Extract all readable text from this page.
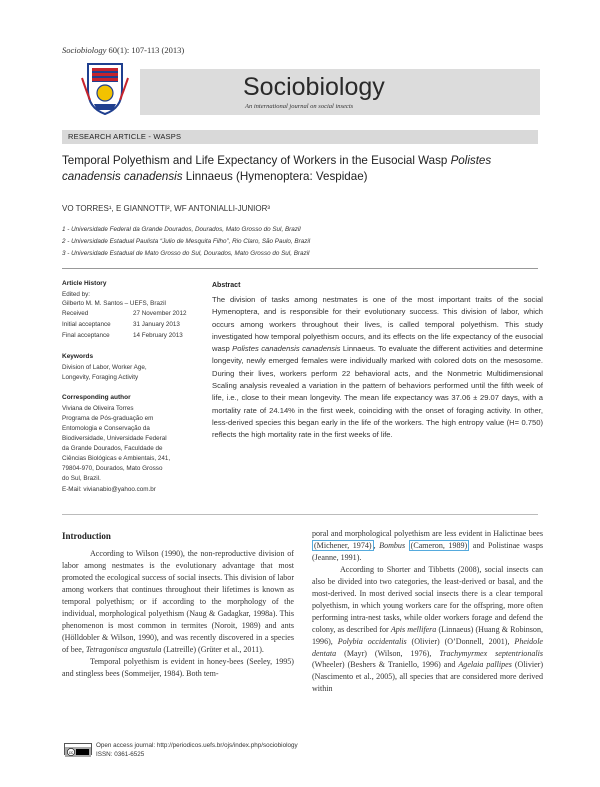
Sociobiology 60(1): 107-113 (2013)
Sociobiology
An international journal on social insects
RESEARCH ARTICLE - WASPS
Temporal Polyethism and Life Expectancy of Workers in the Eusocial Wasp Polistes canadensis canadensis Linnaeus (Hymenoptera: Vespidae)
VO TORRES¹, E GIANNOTTI², WF ANTONIALLI-JUNIOR³
1 - Universidade Federal da Grande Dourados, Dourados, Mato Grosso do Sul, Brazil
2 - Universidade Estadual Paulista “Julio de Mesquita Filho”, Rio Claro, São Paulo, Brazil
3 - Universidade Estadual de Mato Grosso do Sul, Dourados, Mato Grosso do Sul, Brazil
Article History
Edited by:
Gilberto M. M. Santos – UEFS, Brazil
Received	27 November 2012
Initial acceptance	31 January 2013
Final acceptance	14 February 2013
Keywords
Division of Labor, Worker Age,
Longevity, Foraging Activity
Corresponding author
Viviana de Oliveira Torres
Programa de Pós-graduação em
Entomologia e Conservação da
Biodiversidade, Universidade Federal
da Grande Dourados, Faculdade de
Ciências Biológicas e Ambientais, 241,
79804-970, Dourados, Mato Grosso
do Sul, Brazil.
E-Mail: vivianabio@yahoo.com.br
Abstract
The division of tasks among nestmates is one of the most important traits of the social Hymenoptera, and is responsible for their evolutionary success. This division of labor, which occurs among workers throughout their lives, is called temporal polyethism. This study investigated how temporal polyethism occurs, and its effects on the life expectancy of the eusocial wasp Polistes canadensis canadensis Linnaeus. To evaluate the different activities and determine longevity, newly emerged females were individually marked with colored dots on the mesosome. During their lives, workers perform 22 behavioral acts, and the Nonmetric Multidimensional Scaling analysis revealed a variation in the pattern of behaviors performed until the fifth week of life, i.e., close to their mean longevity. The mean life expectancy was 37.06 ± 29.07 days, with a mortality rate of 24.14% in the first week, coinciding with the onset of foraging activity. In other, less-derived species this began early in the life of the workers. The high entropy value (H= 0.750) reflects the high mortality rate in the first weeks of life.
Introduction
According to Wilson (1990), the non-reproductive division of labor among nestmates is the evolutionary advantage that most promoted the ecological success of social insects. This division of labor among workers that continues throughout their lifetimes is known as temporal polyethism; or if according to the morphology of the individual, morphological polyethism (Naug & Gadagkar, 1998a). This phenomenon is most common in termites (Noroit, 1989) and ants (Hölldobler & Wilson, 1990), and was recently discovered in a species of bee, Tetragonisca angustula (Latreille) (Grüter et al., 2011).
Temporal polyethism is evident in honey-bees (Seeley, 1995) and stingless bees (Sommeijer, 1984). Both tem-
poral and morphological polyethism are less evident in Halictinae bees (Michener, 1974) , Bombus (Cameron, 1989) and Polistinae wasps (Jeanne, 1991).
According to Shorter and Tibbetts (2008), social insects can also be divided into two categories, the least-derived or basal, and the most-derived. In most derived social insects there is a clear temporal polyethism, in which young workers care for the offspring, more often performing intra-nest tasks, while older workers forage and defend the colony, as described for Apis mellifera (Linnaeus) (Huang & Robinson, 1996), Polybia occidentalis (Olivier) (O’Donnell, 2001), Pheidole dentata (Mayr) (Wilson, 1976), Trachymyrmex septentrionalis (Wheeler) (Beshers & Traniello, 1996) and Agelaia pallipes (Olivier) (Nascimento et al., 2005), all species that are considered more derived within
cc
Open access journal: http://periodicos.uefs.br/ojs/index.php/sociobiology
ISSN: 0361-6525
